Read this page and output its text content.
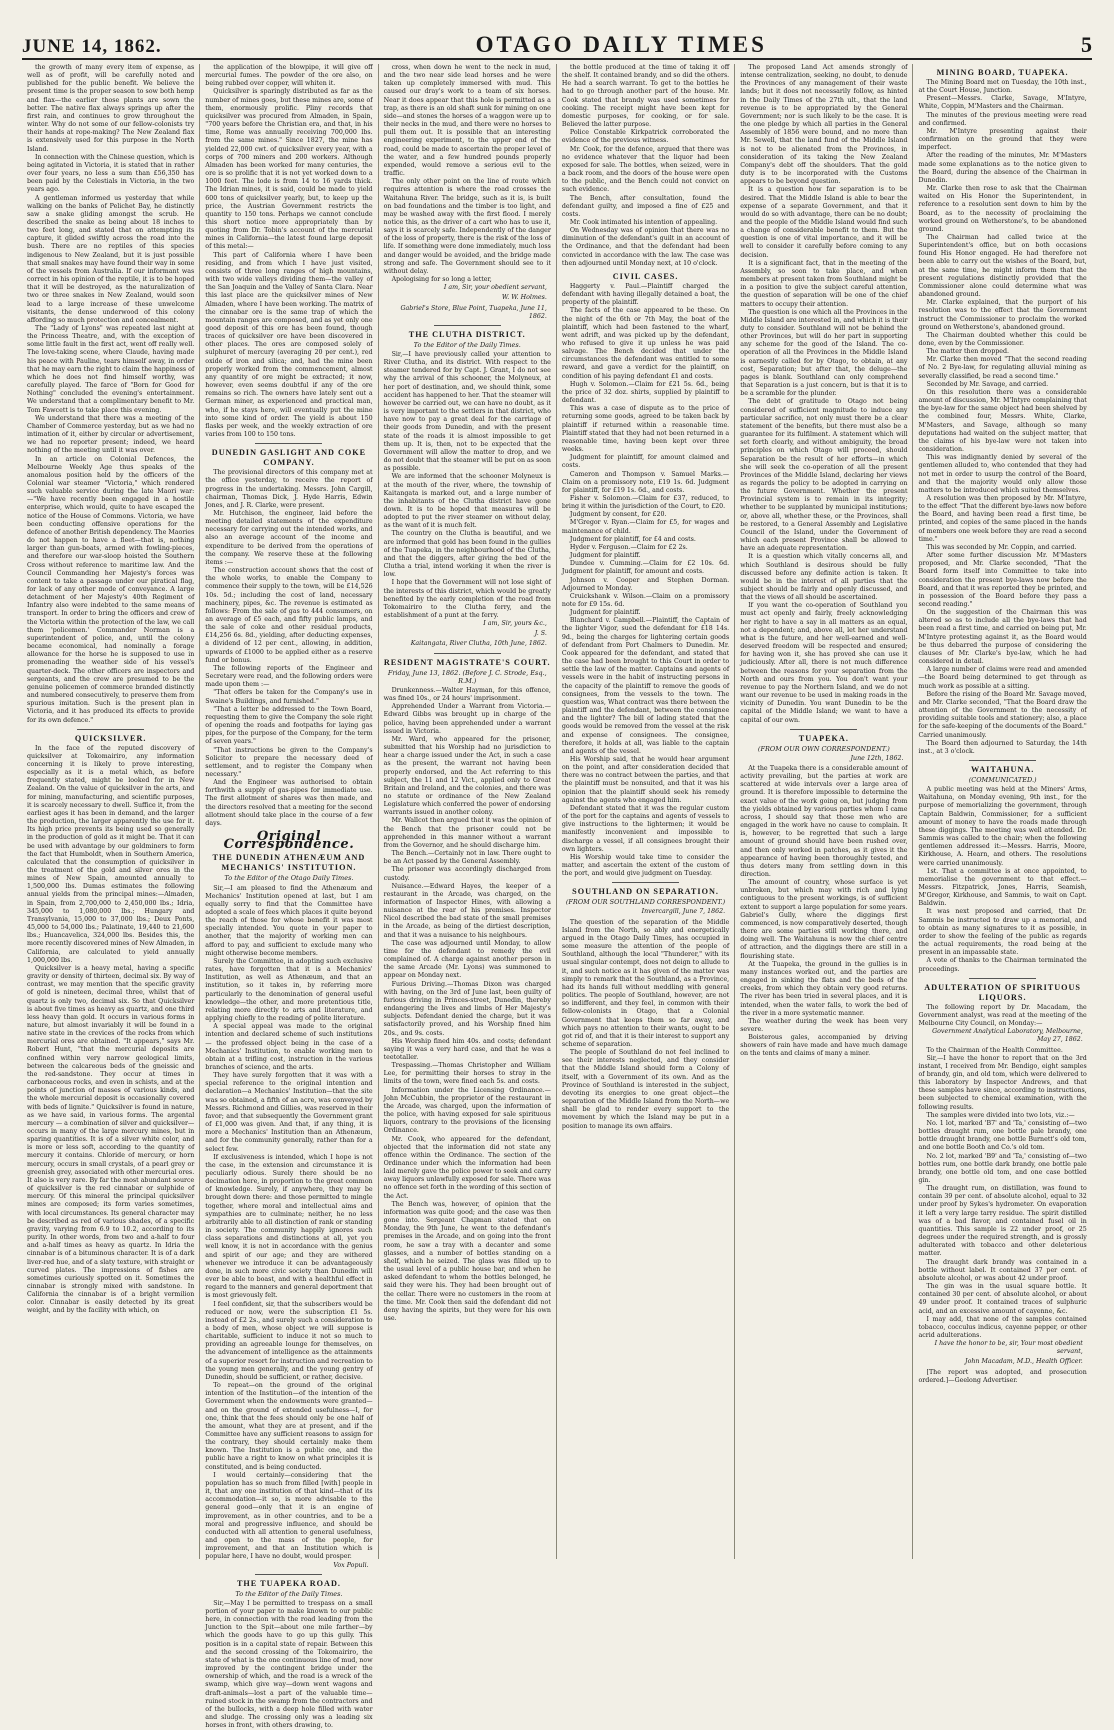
JUNE 14, 1862.	OTAGO DAILY TIMES	5

the growth of many every item of expense, as well as of profit, will be carefully noted and published for the public benefit. We believe the present time is the proper season to sow both hemp and flax—the earlier those plants are sown the better. The native flax always springs up after the first rain, and continues to grow throughout the winter. Why do not some of our fellow-colonists try their hands at rope-making? The New Zealand flax is extensively used for this purpose in the North Island.

In connection with the Chinese question, which is being agitated in Victoria, it is stated that in rather over four years, no less a sum than £56,350 has been paid by the Celestials in Victoria, in the two years ago.

A gentleman informed us yesterday that while walking on the banks of Pelichet Bay, he distinctly saw a snake gliding amongst the scrub. He described the snake as being about 18 inches to two feet long, and stated that on attempting its capture, it glided swiftly across the road into the bush. There are no reptiles of this species indigenous to New Zealand, but it is just possible that small snakes may have found their way in some of the vessels from Australia. If our informant was correct in his opinion of the reptile, it is to be hoped that it will be destroyed, as the naturalization of two or three snakes in New Zealand, would soon lead to a large increase of these unwelcome visitants, the dense underwood of this colony affording so much protection and concealment.

The "Lady of Lyons" was repeated last night at the Princess Theatre, and, with the exception of some little fault in the first act, went off really well. The love-taking scene, where Claude, having made his peace with Pauline, tears himself away, in order that he may earn the right to claim the happiness of which he does not find himself worthy, was carefully played. The farce of "Born for Good for Nothing" concluded the evening's entertainment. We understand that a complimentary benefit to Mr. Tom Fawcett is to take place this evening.

We understand that there was a meeting of the Chamber of Commerce yesterday, but as we had no intimation of it, either by circular or advertisement, we had no reporter present; indeed, we heard nothing of the meeting until it was over.

In an article on Colonial Defences, the Melbourne Weekly Age thus speaks of the anomalous position held by the officers of the Colonial war steamer "Victoria," which rendered such valuable service during the late Maori war:—"We have recently been engaged in a hostile enterprise, which would, quite to have escaped the notice of the House of Commons. Victoria, we have been conducting offensive operations for the defence of another British dependency. The Maories do not happen to have a fleet—that is, nothing larger than gun-boats, armed with fowling-pieces, and therefore our war-sloop hoisted the Southern Cross without reference to maritime law. And the Council Commanding her Majesty's forces was content to take a passage under our piratical flag, for lack of any other mode of conveyance. A large detachment of her Majesty's 40th Regiment of Infantry also were indebted to the same means of transport. In order to bring the officers and crew of the Victoria within the protection of the law, we call them 'policemen.' Commander Norman is a superintendent of police, and, until the colony became economical, had nominally a forage allowance for the horse he is supposed to use in promenading the weather side of his vessel's quarter-deck. The other officers are inspectors and sergeants, and the crew are presumed to be the genuine policemen of commerce branded distinctly and numbered consecutively, to preserve them from spurious imitation. Such is the present plan in Victoria, and it has produced its effects to provide for its own defence."

QUICKSILVER.

In the face of the reputed discovery of quicksilver at Tokomairiro, any information concerning it is likely to prove interesting, especially as it is a metal which, as before frequently stated, might be looked for in New Zealand. On the value of quicksilver in the arts, and for mining, manufacturing, and scientific purposes, it is scarcely necessary to dwell. Suffice it, from the earliest ages it has been in demand, and the larger the production, the larger apparently the use for it. Its high price prevents its being used so generally in the production of gold as it might be. That it can be used with advantage by our goldminers to form the fact that Humboldt, when in Southern America, calculated that the consumption of quicksilver in the treatment of the gold and silver ores in the mines of New Spain, amounted annually to 1,500,000 lbs. Dumas estimates the following annual yields from the principal mines:—Almaden, in Spain, from 2,700,000 to 2,450,000 lbs.; Idria, 345,000 to 1,080,000 lbs.; Hungary and Transylvania, 15,000 to 37,000 lbs.; Deux Ponts, 45,000 to 54,000 lbs.; Palatinate, 19,440 to 21,600 lbs.; Huancavelica, 324,000 lbs. Besides this, the more recently discovered mines of New Almaden, in California, are calculated to yield annually 1,000,000 lbs.

Quicksilver is a heavy metal, having a specific gravity or density of thirteen, decimal six. By way of contrast, we may mention that the specific gravity of gold is nineteen, decimal three, whilst that of quartz is only two, decimal six. So that Quicksilver is about five times as heavy as quartz, and one third less heavy than gold. It occurs in various forms in nature, but almost invariably it will be found in a native state in the crevices of the rocks from which mercurial ores are obtained. "It appears," says Mr. Robert Hunt, "that the mercurial deposits are confined within very narrow geological limits, between the calcareous beds of the gneissic and the red-sandstone. They occur at times in carbonaceous rocks, and even in schists, and at the points of junction of masses of various kinds, and the whole mercurial deposit is occasionally covered with beds of lignite." Quicksilver is found in nature, as we have said, in various forms. The argental mercury — a combination of silver and quicksilver—occurs in many of the large mercury mines, but in sparing quantities. It is of a silver white color, and is more or less soft, according to the quantity of mercury it contains. Chloride of mercury, or horn mercury, occurs in small crystals, of a pearl grey or greenish grey, associated with other mercurial ores. It also is very rare. By far the most abundant source of quicksilver is the red cinnabar or sulphide of mercury. Of this mineral the principal quicksilver mines are composed; its form varies sometimes, with local circumstances. Its general character may be described as red of various shades, of a specific gravity, varying from 6.9 to 10.2, according to its purity. In other words, from two and a-half to four and a-half times as heavy as quartz. In Idria the cinnabar is of a bituminous character. It is of a dark liver-red hue, and of a slaty texture, with straight or curved plates. The impressions of fishes are sometimes curiously spotted on it. Sometimes the cinnabar is strongly mixed with sandstone. In California the cinnabar is of a bright vermilion color. Cinnabar is easily detected by its great weight, and by the facility with which, on

the application of the blowpipe, it will give off mercurial fumes. The powder of the ore also, on being rubbed over copper, will whiten it.

Quicksilver is sparingly distributed as far as the number of mines goes, but these mines are, some of them, enormously prolific. Pliny records that quicksilver was procured from Almaden, in Spain, "700 years before the Christian era, and that, in his time, Rome was annually receiving 700,000 lbs. from the same mines." Since 1827, the mine has yielded 22,000 cwt. of quicksilver every year, with a corps of 700 miners and 200 workers. Although Almaden has been worked for many centuries, the ore is so prolific that it is not yet worked down to a 1000 feet. The lode is from 14 to 16 yards thick. The Idrian mines, it is said, could be made to yield 600 tons of quicksilver yearly, but, to keep up the price, the Austrian Government restricts the quantity to 150 tons. Perhaps we cannot conclude this short notice more appropriately than by quoting from Dr. Tobin's account of the mercurial mines in California—the latest found large deposit of this metal:—

This part of California where I have been residing, and from which I have just visited, consists of three long ranges of high mountains, with two wide valleys dividing them—the valley of the San Joaquin and the Valley of Santa Clara. Near this last place are the quicksilver mines of New Almaden, where I have been working. The matrix of the cinnabar ore is the same trap of which the mountain ranges are composed, and as yet only one good deposit of this ore has been found, though traces of quicksilver ore have been discovered in other places. The ores are composed solely of sulphuret of mercury (averaging 20 per cent.), red oxide of iron and silica; and, had the mine been properly worked from the commencement, almost any quantity of ore might be extracted; it now, however, even seems doubtful if any of the ore remains so rich. The owners have lately sent out a German miner, as experienced and practical man, who, if he stays here, will eventually put the mine into some kind of order. The yield is about 150 flasks per week, and the weekly extraction of ore varies from 100 to 150 tons.

DUNEDIN GASLIGHT AND COKE COMPANY.

The provisional directors of this company met at the office yesterday, to receive the report of progress in the undertaking. Messrs. John Cargill, chairman, Thomas Dick, J. Hyde Harris, Edwin Jones, and J. R. Clarke, were present.

Mr. Hutchison, the engineer, laid before the meeting detailed statements of the expenditure necessary for carrying out the intended works, and also an average account of the income and expenditure to be derived from the operations of the company. We reserve these at the following items :—

The construction account shows that the cost of the whole works, to enable the Company to commence their supply to the town, will be £14,526 10s. 5d.; including the cost of land, necessary machinery, pipes, &c. The revenue is estimated as follows: From the sale of gas to 444 consumers, on an average of £5 each, and fifty public lamps, and the sale of coke and other residual products, £14,256 6s. 8d., yielding, after deducting expenses, a dividend of 12 per cent., allowing, in addition, upwards of £1000 to be applied either as a reserve fund or bonus.

The following reports of the Engineer and Secretary were read, and the following orders were made upon them :—

"That offers be taken for the Company's use in Swaine's Buildings, and furnished."

"That a letter be addressed to the Town Board, requesting them to give the Company the sole right of opening the roads and footpaths for laying gas pipes, for the purpose of the Company, for the term of seven years."

"That instructions be given to the Company's Solicitor to prepare the necessary deed of settlement, and to register the Company when necessary."

And the Engineer was authorised to obtain forthwith a supply of gas-pipes for immediate use. The first allotment of shares was then made, and the directors resolved that a meeting for the second allotment should take place in the course of a few days.

Original Correspondence.
THE DUNEDIN ATHENÆUM AND MECHANICS' INSTITUTION.
To the Editor of the Otago Daily Times.

Sir,—I am pleased to find the Athenæum and Mechanics' Institution opened at last, but I am equally sorry to find that the Committee have adopted a scale of fees which places it quite beyond the reach of those for whose benefit it was most specially intended. You quote in your paper to another, that the majority of working men can afford to pay, and sufficient to exclude many who might otherwise become members.

Surely the Committee, in adopting such exclusive rates, have forgotten that it is a Mechanics' Institution, as well as Athenæum, and that an institution, so it takes in, by referring more particularly to the denomination of general useful knowledge—the other, and more pretentious title, relating more directly to arts and literature, and applying chiefly to the reading of polite literature.

A special appeal was made to the original intention and declared scheme of such institutions — the professed object being in the case of a Mechanics' Institution, to enable working men to obtain at a trifling cost, instruction in the various branches of science, and the arts.

They have surely forgotten that it was with a special reference to the original intention and declaration—a Mechanics' Institution—that the site was so obtained, a fifth of an acre, was conveyed by Messrs. Richmond and Gillies, was reserved in their favor; and that subsequently the Government grant of £1,000 was given. And that, if any thing, it is more a Mechanics' Institution than an Athenæum, and for the community generally, rather than for a select few.

If exclusiveness is intended, which I hope is not the case, in the extension and circumstance it is peculiarly odious. Surely there should be no decimation here, in proportion to the great common of knowledge. Surely, if anywhere, they may be brought down there: and those permitted to mingle together, where moral and intellectual aims and sympathies are to culminate; neither, he no less arbitrarily able to all distinction of rank or standing in society. The community happily ignores such class separations and distinctions at all, yet you well know, it is not in accordance with the genius and spirit of our age; and they are withered whenever we introduce it can be advantageously done, in such more civic society than Dunedin will ever be able to boast, and with a healthful effect in regard to the manners and general deportment that is most grievously felt.

I feel confident, sir, that the subscribers would be reduced or now, were the subscription £1 5s. instead of £2 2s., and surely such a consideration to a body of men, whose object we will suppose is charitable, sufficient to induce it not so much to providing an agreeable lounge for themselves, on the advancement of intelligence as the attainments of a superior resort for instruction and recreation to the young men generally, and the young gentry of Dunedin, should be sufficient, or rather, decisive.

To repeat—on the ground of the original intention of the Institution—of the intention of the Government when the endowments were granted—and on the ground of extended usefulness—I, for one, think that the fees should only be one half of the amount, what they are at present, and if the Committee have any sufficient reasons to assign for the contrary, they should certainly make them known. The Institution is a public one, and the public have a right to know on what principles it is constituted, and is being conducted.

I would certainly—considering that the population has so much from filled [with] people in it, that any one institution of that kind—that of its accommodation—it so, is more advisable to the general good—only that it is an engine of improvement, as in other countries, and to be a moral and progressive influence, and should be conducted with all attention to general usefulness, and open to the mass of the people, for improvement, and that an Institution which is popular here, I have no doubt, would prosper.

Vox Populi.
THE TUAPEKA ROAD.
To the Editor of the Daily Times.

Sir,—May I be permitted to trespass on a small portion of your paper to make known to our public here, in connection with the road leading from the Junction to the Spit—about one mile farther—by which the goods have to go up this gully. This position is in a capital state of repair. Between this and the second crossing of the Tokomairiro, the state of what is the one continuous line of mud, now improved by the contingent bridge under the ownership of which, and the road is a wreck of the swamp, which give way—down went wagons and draft-animals—lost a part of the valuable time—ruined stock in the swamp from the contractors and of the bullocks, with a deep hole filled with water and sludge. The crossing only was a leading six horses in front, with others drawing, to.

cross, when down he went to the neck in mud, and the two near side lead horses and he were taken up completely immersed with mud. This caused our dray's work to a team of six horses. Near it does appear that this hole is permitted as a trap, as there is an old shaft sunk for mining on one side—and stones the horses of a waggon were up to their necks in the mud, and there were no horses to pull them out. It is possible that an interesting engineering experiment, to the upper end of the road, could be made to ascertain the proper level of the water, and a few hundred pounds properly expended, would remove a serious evil to the traffic.

The only other point on the line of route which requires attention is where the road crosses the Waitahuna River. The bridge, such as it is, is built on bad foundations and the timber is too light, and may be washed away with the first flood. I merely notice this, as the driver of a cart who has to use it, says it is scarcely safe. Independently of the danger of the loss of property, there is the risk of the loss of life. If something were done immediately, much loss and danger would be avoided, and the bridge made strong and safe. The Government should see to it without delay.

Apologising for so long a letter,

I am, Sir, your obedient servant,
W. W. Holmes.
Gabriel's Store, Blue Point, Tuapeka, June 11, 1862.
THE CLUTHA DISTRICT.
To the Editor of the Daily Times.

Sir,—I have previously called your attention to River Clutha, and its district. With respect to the steamer tendered for by Capt. J. Grant, I do not see why the arrival of this schooner, the Molyneux, at her port of destination, and, we should think, some accident has happened to her. That the steamer will however be carried out, we can have no doubt, as it is very important to the settlers in that district, who have now to pay a great deal for the carriage of their goods from Dunedin, and with the present state of the roads it is almost impossible to get them up. It is, then, not to be expected that the Government will allow the matter to drop, and we do not doubt that the steamer will be put on as soon as possible.

We are informed that the schooner Molyneux is at the mouth of the river, where, the township of Kaitangata is marked out, and a large number of the inhabitants of the Clutha district have gone down. It is to be hoped that measures will be adopted to put the river steamer on without delay, as the want of it is much felt.

The country on the Clutha is beautiful, and we are informed that gold has been found in the gullies of the Tuapeka, in the neighbourhood of the Clutha, and that the diggers, after giving the bed of the Clutha a trial, intend working it when the river is low.

I hope that the Government will not lose sight of the interests of this district, which would be greatly benefited by the early completion of the road from Tokomairiro to the Clutha ferry, and the establishment of a punt at the ferry.

I am, Sir, yours &c.,
J. S.
Kaitangata, River Clutha, 10th June, 1862.
RESIDENT MAGISTRATE'S COURT.
Friday, June 13, 1862. (Before J. C. Strode, Esq., R.M.)

Drunkenness.—Walter Hayman, for this offence, was fined 10s., or 24 hours' imprisonment.

Apprehended Under a Warrant from Victoria.—Edward Gibbs was brought up in charge of the police, having been apprehended under a warrant issued in Victoria.

Mr. Ward, who appeared for the prisoner, submitted that his Worship had no jurisdiction to hear a charge issued under the Act, in such a case as the present, the warrant not having been properly endorsed, and the Act referring to this subject, the 11 and 12 Vict., applied only to Great Britain and Ireland, and the colonies, and there was no statute or ordinance of the New Zealand Legislature which conferred the power of endorsing warrants issued in another colony.

Mr. Wallcot then argued that it was the opinion of the Bench that the prisoner could not be apprehended in this manner without a warrant from the Governor, and he should discharge him.

The Bench.—Certainly not in law. There ought to be an Act passed by the General Assembly.

The prisoner was accordingly discharged from custody.

Nuisance.—Edward Hayes, the keeper of a restaurant in the Arcade, was charged, on the information of Inspector Hines, with allowing a nuisance at the rear of his premises. Inspector Nicol described the bad state of the small premises in the Arcade, as being of the dirtiest description, and that it was a nuisance to his neighbours.

The case was adjourned until Monday, to allow time for the defendant to remedy the evil complained of. A charge against another person in the same Arcade (Mr. Lyons) was summoned to appear on Monday next.

Furious Driving.—Thomas Dixon was charged with having, on the 3rd of June last, been guilty of furious driving in Princes-street, Dunedin, thereby endangering the lives and limbs of Her Majesty's subjects. Defendant denied the charge, but it was satisfactorily proved, and his Worship fined him 20s., and 9s. costs.

His Worship fined him 40s. and costs; defendant saying it was a very hard case, and that he was a teetotaller.

Trespassing.—Thomas Christopher and William Lee, for permitting their horses to stray in the limits of the town, were fined each 5s. and costs.

Information under the Licensing Ordinance.—John McCubbin, the proprietor of the restaurant in the Arcade, was charged, upon the information of the police, with having exposed for sale spirituous liquors, contrary to the provisions of the licensing Ordinance.

Mr. Cook, who appeared for the defendant, objected that the information did not state any offence within the Ordinance. The section of the Ordinance under which the information had been laid merely gave the police power to seek and carry away liquors unlawfully exposed for sale. There was no offence set forth in the wording of this section of the Act.

The Bench was, however, of opinion that the information was quite good; and the case was then gone into. Sergeant Chapman stated that on Monday, the 9th June, he went to the defendant's premises in the Arcade, and on going into the front room, he saw a tray with a decanter and some glasses, and a number of bottles standing on a shelf, which he seized. The glass was filled up to the usual level of a public house bar, and when he asked defendant to whom the bottles belonged, he said they were his. They had been brought out of the cellar. There were no customers in the room at the time. Mr. Cook then said the defendant did not deny having the spirits, but they were for his own use.

the bottle produced at the time of taking it off the shelf. It contained brandy, and so did the others. He had a search warrant. To get to the bottles he had to go through another part of the house. Mr. Cook stated that brandy was used sometimes for cooking. The receipt might have been kept for domestic purposes, for cooking, or for sale. Believed the latter purpose.

Police Constable Kirkpatrick corroborated the evidence of the previous witness.

Mr. Cook, for the defence, argued that there was no evidence whatever that the liquor had been exposed for sale. The bottles, when seized, were in a back room, and the doors of the house were open to the public, and the Bench could not convict on such evidence.

The Bench, after consultation, found the defendant guilty, and imposed a fine of £25 and costs.

Mr. Cook intimated his intention of appealing.

On Wednesday was of opinion that there was no diminution of the defendant's guilt in an account of the Ordinance, and that the defendant had been convicted in accordance with the law. The case was then adjourned until Monday next, at 10 o'clock.

CIVIL CASES.

Haggerty v. Paul.—Plaintiff charged the defendant with having illegally detained a boat, the property of the plaintiff.

The facts of the case appeared to be these. On the night of the 6th or 7th May, the boat of the plaintiff, which had been fastened to the wharf, went adrift, and was picked up by the defendant, who refused to give it up unless he was paid salvage. The Bench decided that under the circumstances the defendant was entitled to some reward, and gave a verdict for the plaintiff, on condition of his paying defendant £1 and costs.

Hugh v. Solomon.—Claim for £21 5s. 6d., being the price of 32 doz. shirts, supplied by plaintiff to defendant.

This was a case of dispute as to the price of returning some goods, agreed to be taken back by plaintiff if returned within a reasonable time. Plaintiff stated that they had not been returned in a reasonable time, having been kept over three weeks.

Judgment for plaintiff, for amount claimed and costs.

Cameron and Thompson v. Samuel Marks.—Claim on a promissory note, £19 1s. 6d. Judgment for plaintiff, for £19 1s. 6d., and costs.

Fisher v. Solomon.—Claim for £37, reduced, to bring it within the jurisdiction of the Court, to £20.

Judgment by consent, for £20.

M'Gregor v. Ryan.—Claim for £5, for wages and maintenance of child.

Judgment for plaintiff, for £4 and costs.

Hyder v. Ferguson.—Claim for £2 2s.

Judgment for plaintiff.

Dundee v. Cumming.—Claim for £2 10s. 6d. Judgment for plaintiff, for amount and costs.

Johnson v. Cooper and Stephen Dorman. Adjourned to Monday.

Cruickshank v. Wilson.—Claim on a promissory note for £9 15s. 6d.

Judgment for plaintiff.

Blanchard v. Campbell.—Plaintiff, the Captain of the lighter Vigor, sued the defendant for £18 14s. 9d., being the charges for lightering certain goods of defendant from Port Chalmers to Dunedin. Mr. Cook appeared for the defendant, and stated that the case had been brought to this Court in order to settle the law of the matter. Captains and agents of vessels were in the habit of instructing persons in the capacity of the plaintiff to remove the goods of consignees, from the vessels to the town. The question was, What contract was there between the plaintiff and the defendant, between the consignee and the lighter? The bill of lading stated that the goods would be removed from the vessel at the risk and expense of consignees. The consignee, therefore, it holds at all, was liable to the captain and agents of the vessel.

His Worship said, that he would hear argument on the point, and after consideration decided that there was no contract between the parties, and that the plaintiff must be nonsuited, and that it was his opinion that the plaintiff should seek his remedy against the agents who engaged him.

Defendant stated that it was the regular custom of the port for the captains and agents of vessels to give instructions to the lightermen; it would be manifestly inconvenient and impossible to discharge a vessel, if all consignees brought their own lighters.

His Worship would take time to consider the matter, and ascertain the extent of the custom of the port, and would give judgment on Tuesday.

SOUTHLAND ON SEPARATION.
(FROM OUR SOUTHLAND CORRESPONDENT.)
Invercargill, June 7, 1862.

The question of the separation of the Middle Island from the North, so ably and energetically argued in the Otago Daily Times, has occupied in some measure the attention of the people of Southland, although the local "Thunderer," with its usual singular contempt, does not deign to allude to it, and such notice as it has given of the matter was simply to remark that the Southland, as a Province, had its hands full without meddling with general politics. The people of Southland, however, are not so indifferent, and they feel, in common with their fellow-colonists in Otago, that a Colonial Government that keeps them so far away, and which pays no attention to their wants, ought to be got rid of, and that it is their interest to support any scheme of separation.

The people of Southland do not feel inclined to see their interests neglected, and they consider that the Middle Island should form a Colony of itself, with a Government of its own. And as the Province of Southland is interested in the subject, devoting its energies to one great object—the separation of the Middle Island from the North—we shall be glad to render every support to the movement by which the Island may be put in a position to manage its own affairs.

The proposed Land Act amends strongly of intense centralization, seeking, no doubt, to denude the Provinces of any management of their waste lands; but it does not necessarily follow, as hinted in the Daily Times of the 27th ult., that the land revenue is to be appropriated by the General Government; nor is such likely to be the case. It is the one pledge by which all parties in the General Assembly of 1856 were bound, and no more than Mr. Sewell, that the land fund of the Middle Island is not to be alienated from the Provinces, in consideration of its taking the New Zealand Company's debt off the shoulders. That the gold duty is to be incorporated with the Customs appears to be beyond question.

It is a question how far separation is to be desired. That the Middle Island is able to bear the expense of a separate Government, and that it would do so with advantage, there can be no doubt; and the people of the Middle Island would find such a change of considerable benefit to them. But the question is one of vital importance, and it will be well to consider it carefully before coming to any decision.

It is a significant fact, that in the meeting of the Assembly, so soon to take place, and when members at present taken from Southland might be in a position to give the subject careful attention, the question of separation will be one of the chief matters to occupy their attention.

The question is one which all the Provinces in the Middle Island are interested in, and which it is their duty to consider. Southland will not be behind the other Provinces, but will do her part in supporting any scheme for the good of the Island. The co-operation of all the Provinces in the Middle Island is earnestly called for by Otago, to obtain, at any cost, Separation; but after that, the deluge—the pages is blank. Southland can only comprehend that Separation is a just concern, but is that it is to be a scramble for the plunder.

The debt of gratitude to Otago not being considered of sufficient magnitude to induce any particular sacrifice, not only must there be a clear statement of the benefits, but there must also be a guarantee for its fulfilment. A statement which will set forth clearly, and without ambiguity, the broad principles on which Otago will proceed, should Separation be the result of her efforts—in which she will seek the co-operation of all the present Provinces of the Middle Island, declaring her views as regards the policy to be adopted in carrying on the future Government. Whether the present Provincial system is to remain in its integrity; whether to be supplanted by municipal institutions; or, above all, whether these, or the Provinces, shall be restored, to a General Assembly and Legislative Council of the Island, under the Government of which each present Province shall be allowed to have an adequate representation.

It is a question which vitally concerns all, and which Southland is desirous should be fully discussed before any definite action is taken. It would be in the interest of all parties that the subject should be fairly and openly discussed, and that the views of all should be ascertained.

If you want the co-operation of Southland you must act openly and fairly, freely acknowledging her right to have a say in all matters as an equal, not a dependent; and, above all, let her understand what is the future, and her well-earned and well-deserved freedom will be respected and ensured; for having won it, she has proved she can use it judiciously. After all, there is not much difference between the reasons for your separation from the North and ours from you. You don't want your revenue to pay the Northern Island, and we do not want our revenue to be used in making roads in the vicinity of Dunedin. You want Dunedin to be the capital of the Middle Island; we want to have a capital of our own.

TUAPEKA.
(FROM OUR OWN CORRESPONDENT.)
June 12th, 1862.

At the Tuapeka there is a considerable amount of activity prevailing, but the parties at work are scattered at wide intervals over a large area of ground. It is therefore impossible to determine the exact value of the work going on, but judging from the yields obtained by various parties whom I came across, I should say that those men who are engaged in the work have no cause to complain. It is, however, to be regretted that such a large amount of ground should have been rushed over, and then only worked in patches, as it gives it the appearance of having been thoroughly tested, and thus deters many from settling down in this direction.

The amount of country, whose surface is yet unbroken, but which may with rich and lying contiguous to the present workings, is of sufficient extent to support a large population for some years. Gabriel's Gully, where the diggings first commenced, is now comparatively deserted, though there are some parties still working there, and doing well. The Waitahuna is now the chief centre of attraction, and the diggings there are still in a flourishing state.

At the Tuapeka, the ground in the gullies is in many instances worked out, and the parties are engaged in sinking the flats and the beds of the creeks, from which they obtain very good returns. The river has been tried in several places, and it is intended, when the water falls, to work the bed of the river in a more systematic manner.

The weather during the week has been very severe.

Boisterous gales, accompanied by driving showers of rain have made and have much damage on the tents and claims of many a miner.

MINING BOARD, TUAPEKA.

The Mining Board met on Tuesday, the 10th inst., at the Court House, Junction.

Present—Messrs. Clarke, Savage, M'Intyre, White, Coppin, M'Masters and the Chairman.

The minutes of the previous meeting were read and confirmed.

Mr. M'Intyre presenting against their confirmation on the ground that they were imperfect.

After the reading of the minutes, Mr. M'Masters made some explanations as to the notice given to the Board, during the absence of the Chairman in Dunedin.

Mr. Clarke then rose to ask that the Chairman waited on His Honor the Superintendent, in reference to a resolution sent down to him by the Board, as to the necessity of proclaiming the worked ground on Wetherstone's, to be abandoned ground.

The Chairman had called twice at the Superintendent's office, but on both occasions found His Honor engaged. He had therefore not been able to carry out the wishes of the Board, but, at the same time, he might inform them that the present regulations distinctly provided that the Commissioner alone could determine what was abandoned ground.

Mr. Clarke explained, that the purport of his resolution was to the effect that the Government instruct the Commissioner to proclaim the worked ground on Wetherstone's, abandoned ground.

The Chairman doubted whether this could be done, even by the Commissioner.

The matter then dropped.

Mr. Clarke then moved "That the second reading of No. 2 Bye-law, for regulating alluvial mining as severally classified, be read a second time."

Seconded by Mr. Savage, and carried.

On this resolution there was a considerable amount of discussion, Mr. M'Intyre complaining that the bye-law for the same object had been shelved by the combined four, Messrs. White, Clarke, M'Masters, and Savage, although so many deputations had waited on the subject matter, that the claims of his bye-law were not taken into consideration.

This was indignantly denied by several of the gentlemen alluded to, who contended that they had not met in order to usurp the control of the Board, and that the majority would only allow those matters to be introduced which suited themselves.

A resolution was then proposed by Mr. M'Intyre, to the effect "That the different bye-laws now before the Board, and having been read a first time, be printed, and copies of the same placed in the hands of members one week before they are read a second time."

This was seconded by Mr. Coppin, and carried.

After some further discussion Mr. M'Masters proposed, and Mr. Clarke seconded, "That the Board form itself into Committee to take into consideration the present bye-laws now before the Board, and that it was reported they be printed, and in possession of the Board before they pass a second reading."

On the suggestion of the Chairman this was altered so as to include all the bye-laws that had been read a first time, and carried on being put, Mr. M'Intyre protesting against it, as the Board would be thus debarred the purpose of considering the clauses of Mr. Clarke's bye-law, which he had considered in detail.

A large number of claims were read and amended—the Board being determined to get through as much work as possible at a sitting.

Before the rising of the Board Mr. Savage moved, and Mr. Clarke seconded, "That the Board draw the attention of the Government to the necessity of providing suitable tools and stationery; also, a place for the safe-keeping of the documents of the Board." Carried unanimously.

The Board then adjourned to Saturday, the 14th inst., at 3 o'clock.

WAITAHUNA.
(COMMUNICATED.)

A public meeting was held at the Miners' Arms, Waitahuna, on Monday evening, 9th inst., for the purpose of memorializing the government, through Captain Baldwin, Commissioner, for a sufficient amount of money to have the roads made through these diggings. The meeting was well attended. Dr. Sammis was called to the chair; when the following gentlemen addressed it:—Messrs. Harris, Moore, Kirkhouse, A. Hearn, and others. The resolutions were carried unanimously.

1st. That a committee is at once appointed, to memorialise the government to that effect.—Messrs. Fitzpatrick, Jones, Harris, Seamish, M'Gregor, Kirkhouse, and Sammis, to wait on Capt. Baldwin.

It was next proposed and carried, that Dr. Sammis be instructed to draw up a memorial, and to obtain as many signatures to it as possible, in order to show the feeling of the public as regards the actual requirements, the road being at the present in an impassable state.

A vote of thanks to the Chairman terminated the proceedings.

ADULTERATION OF SPIRITUOUS LIQUORS.

The following report by Dr. Macadam, the Government analyst, was read at the meeting of the Melbourne City Council, on Monday:—

Government Analytical Laboratory, Melbourne, May 27, 1862.

To the Chairman of the Health Committee.

Sir,—I have the honor to report that on the 3rd instant, I received from Mr. Bendigo, eight samples of brandy, gin, and old tom, which were delivered to this laboratory by Inspector Andrews, and that these samples have since, according to instructions, been subjected to chemical examination, with the following results.

The samples were divided into two lots, viz.:—

No. 1 lot, marked 'B7' and 'Ta,' consisting of—two bottles draught rum, one bottle pale brandy, one bottle draught brandy, one bottle Burnett's old tom, and one bottle Booth and Co.'s old tom.

No. 2 lot, marked 'B9' and 'Ta,' consisting of—two bottles rum, one bottle dark brandy, one bottle pale brandy, one bottle old tom, and one case bottled gin.

The draught rum, on distillation, was found to contain 39 per cent. of absolute alcohol, equal to 32 under proof by Sykes's hydrometer. On evaporation it left a very large tarry residue. The spirit distilled was of a bad flavor, and contained fusel oil in quantities. This sample is 22 under proof, or 25 degrees under the required strength, and is grossly adulterated with tobacco and other deleterious matter.

The draught dark brandy was contained in a bottle without label. It contained 37 per cent. of absolute alcohol, or was about 42 under proof.

The gin was in the usual square bottle. It contained 30 per cent. of absolute alcohol, or about 49 under proof. It contained traces of sulphuric acid, and an excessive amount of cayenne, &c.

I may add, that none of the samples contained tobacco, cocculus indicus, cayenne pepper, or other acrid adulterations.

I have the honor to be, sir, Your most obedient servant,
John Macadam, M.D., Health Officer.

[The report was adopted, and prosecution ordered.]—Geelong Advertiser.
